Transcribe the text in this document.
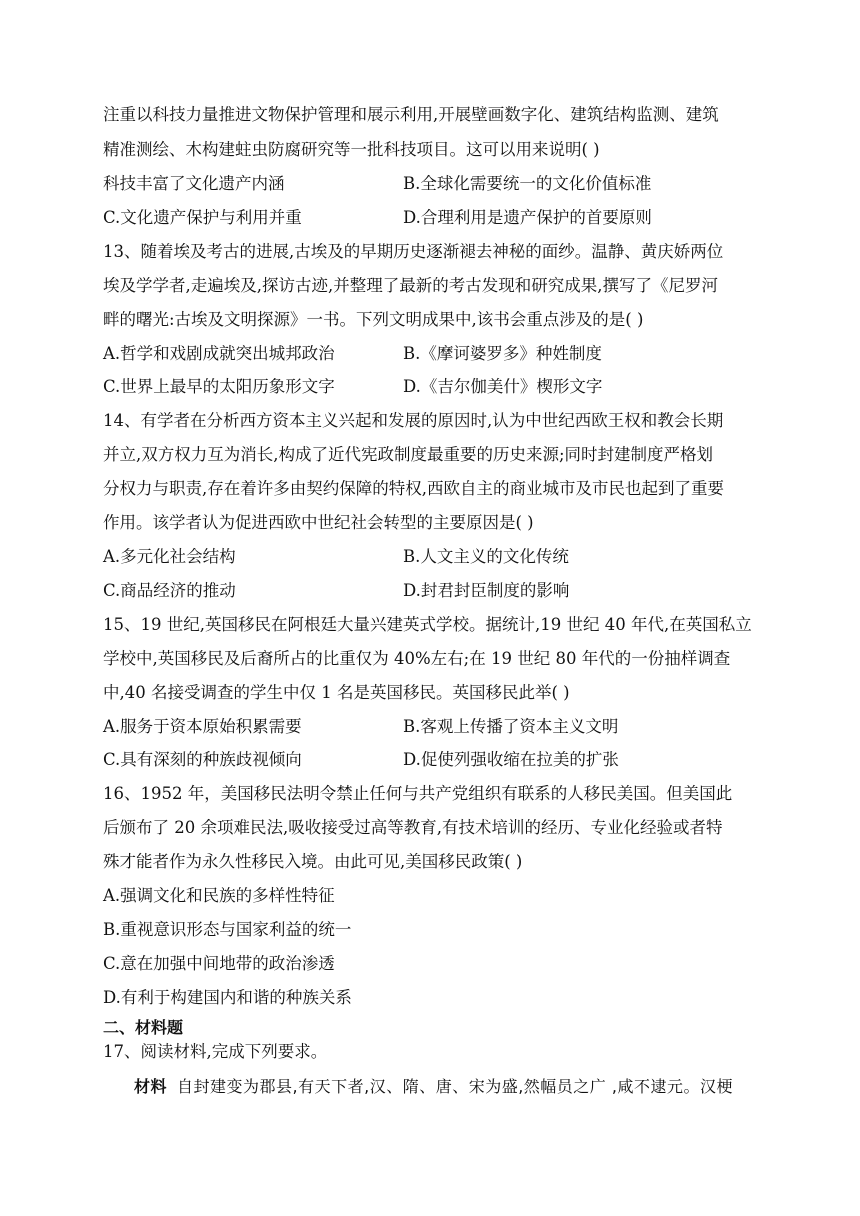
注重以科技力量推进文物保护管理和展示利用,开展壁画数字化、建筑结构监测、建筑
精准测绘、木构建蛀虫防腐研究等一批科技项目。这可以用来说明( )
科技丰富了文化遗产内涵	B.全球化需要统一的文化价值标准
C.文化遗产保护与利用并重	D.合理利用是遗产保护的首要原则
13、随着埃及考古的进展,古埃及的早期历史逐渐褪去神秘的面纱。温静、黄庆娇两位
埃及学学者,走遍埃及,探访古迹,并整理了最新的考古发现和研究成果,撰写了《尼罗河
畔的曙光:古埃及文明探源》一书。下列文明成果中,该书会重点涉及的是( )
A.哲学和戏剧成就突出城邦政治	B.《摩诃婆罗多》种姓制度
C.世界上最早的太阳历象形文字	D.《吉尔伽美什》楔形文字
14、有学者在分析西方资本主义兴起和发展的原因时,认为中世纪西欧王权和教会长期
并立,双方权力互为消长,构成了近代宪政制度最重要的历史来源;同时封建制度严格划
分权力与职责,存在着许多由契约保障的特权,西欧自主的商业城市及市民也起到了重要
作用。该学者认为促进西欧中世纪社会转型的主要原因是( )
A.多元化社会结构	B.人文主义的文化传统
C.商品经济的推动	D.封君封臣制度的影响
15、19 世纪,英国移民在阿根廷大量兴建英式学校。据统计,19 世纪 40 年代,在英国私立
学校中,英国移民及后裔所占的比重仅为 40%左右;在 19 世纪 80 年代的一份抽样调查
中,40 名接受调查的学生中仅 1 名是英国移民。英国移民此举( )
A.服务于资本原始积累需要	B.客观上传播了资本主义文明
C.具有深刻的种族歧视倾向	D.促使列强收缩在拉美的扩张
16、1952 年，美国移民法明令禁止任何与共产党组织有联系的人移民美国。但美国此
后颁布了 20 余项难民法,吸收接受过高等教育,有技术培训的经历、专业化经验或者特
殊才能者作为永久性移民入境。由此可见,美国移民政策( )
A.强调文化和民族的多样性特征
B.重视意识形态与国家利益的统一
C.意在加强中间地带的政治渗透
D.有利于构建国内和谐的种族关系
二、材料题
17、阅读材料,完成下列要求。
材料 自封建变为郡县,有天下者,汉、隋、唐、宋为盛,然幅员之广 ,咸不逮元。汉梗
